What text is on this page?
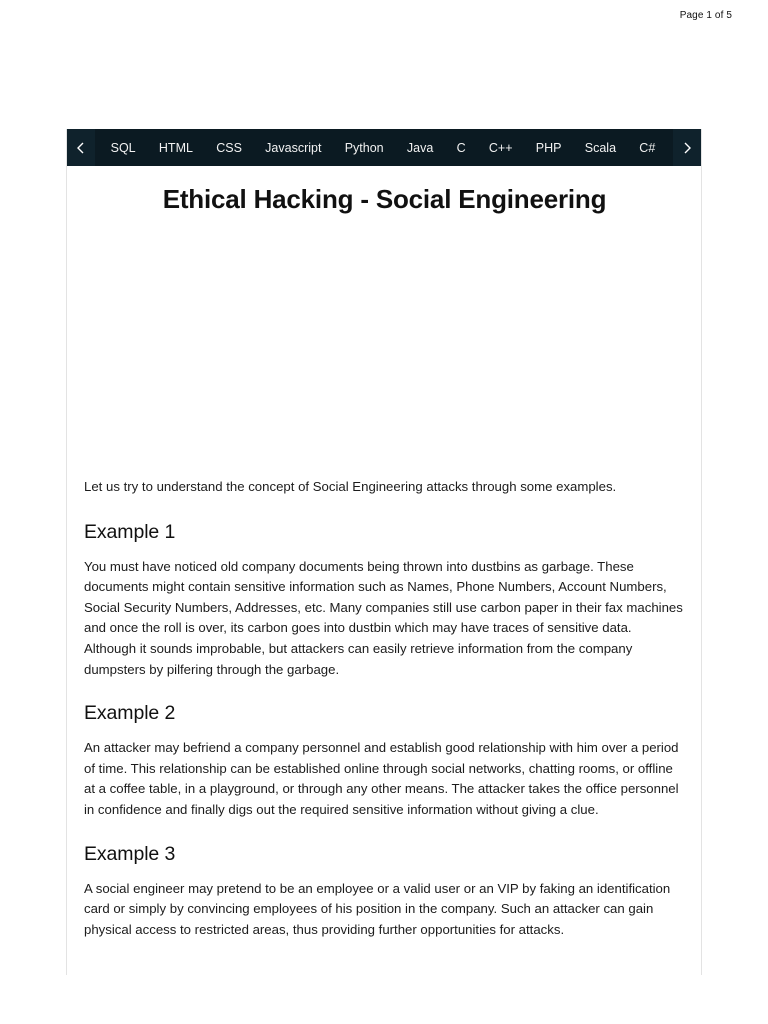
Page 1 of 5
SQL HTML CSS Javascript Python Java C C++ PHP Scala C#
Ethical Hacking - Social Engineering

Let us try to understand the concept of Social Engineering attacks through some examples.

Example 1

You must have noticed old company documents being thrown into dustbins as garbage. These documents might contain sensitive information such as Names, Phone Numbers, Account Numbers, Social Security Numbers, Addresses, etc. Many companies still use carbon paper in their fax machines and once the roll is over, its carbon goes into dustbin which may have traces of sensitive data. Although it sounds improbable, but attackers can easily retrieve information from the company dumpsters by pilfering through the garbage.

Example 2

An attacker may befriend a company personnel and establish good relationship with him over a period of time. This relationship can be established online through social networks, chatting rooms, or offline at a coffee table, in a playground, or through any other means. The attacker takes the office personnel in confidence and finally digs out the required sensitive information without giving a clue.

Example 3

A social engineer may pretend to be an employee or a valid user or an VIP by faking an identification card or simply by convincing employees of his position in the company. Such an attacker can gain physical access to restricted areas, thus providing further opportunities for attacks.
